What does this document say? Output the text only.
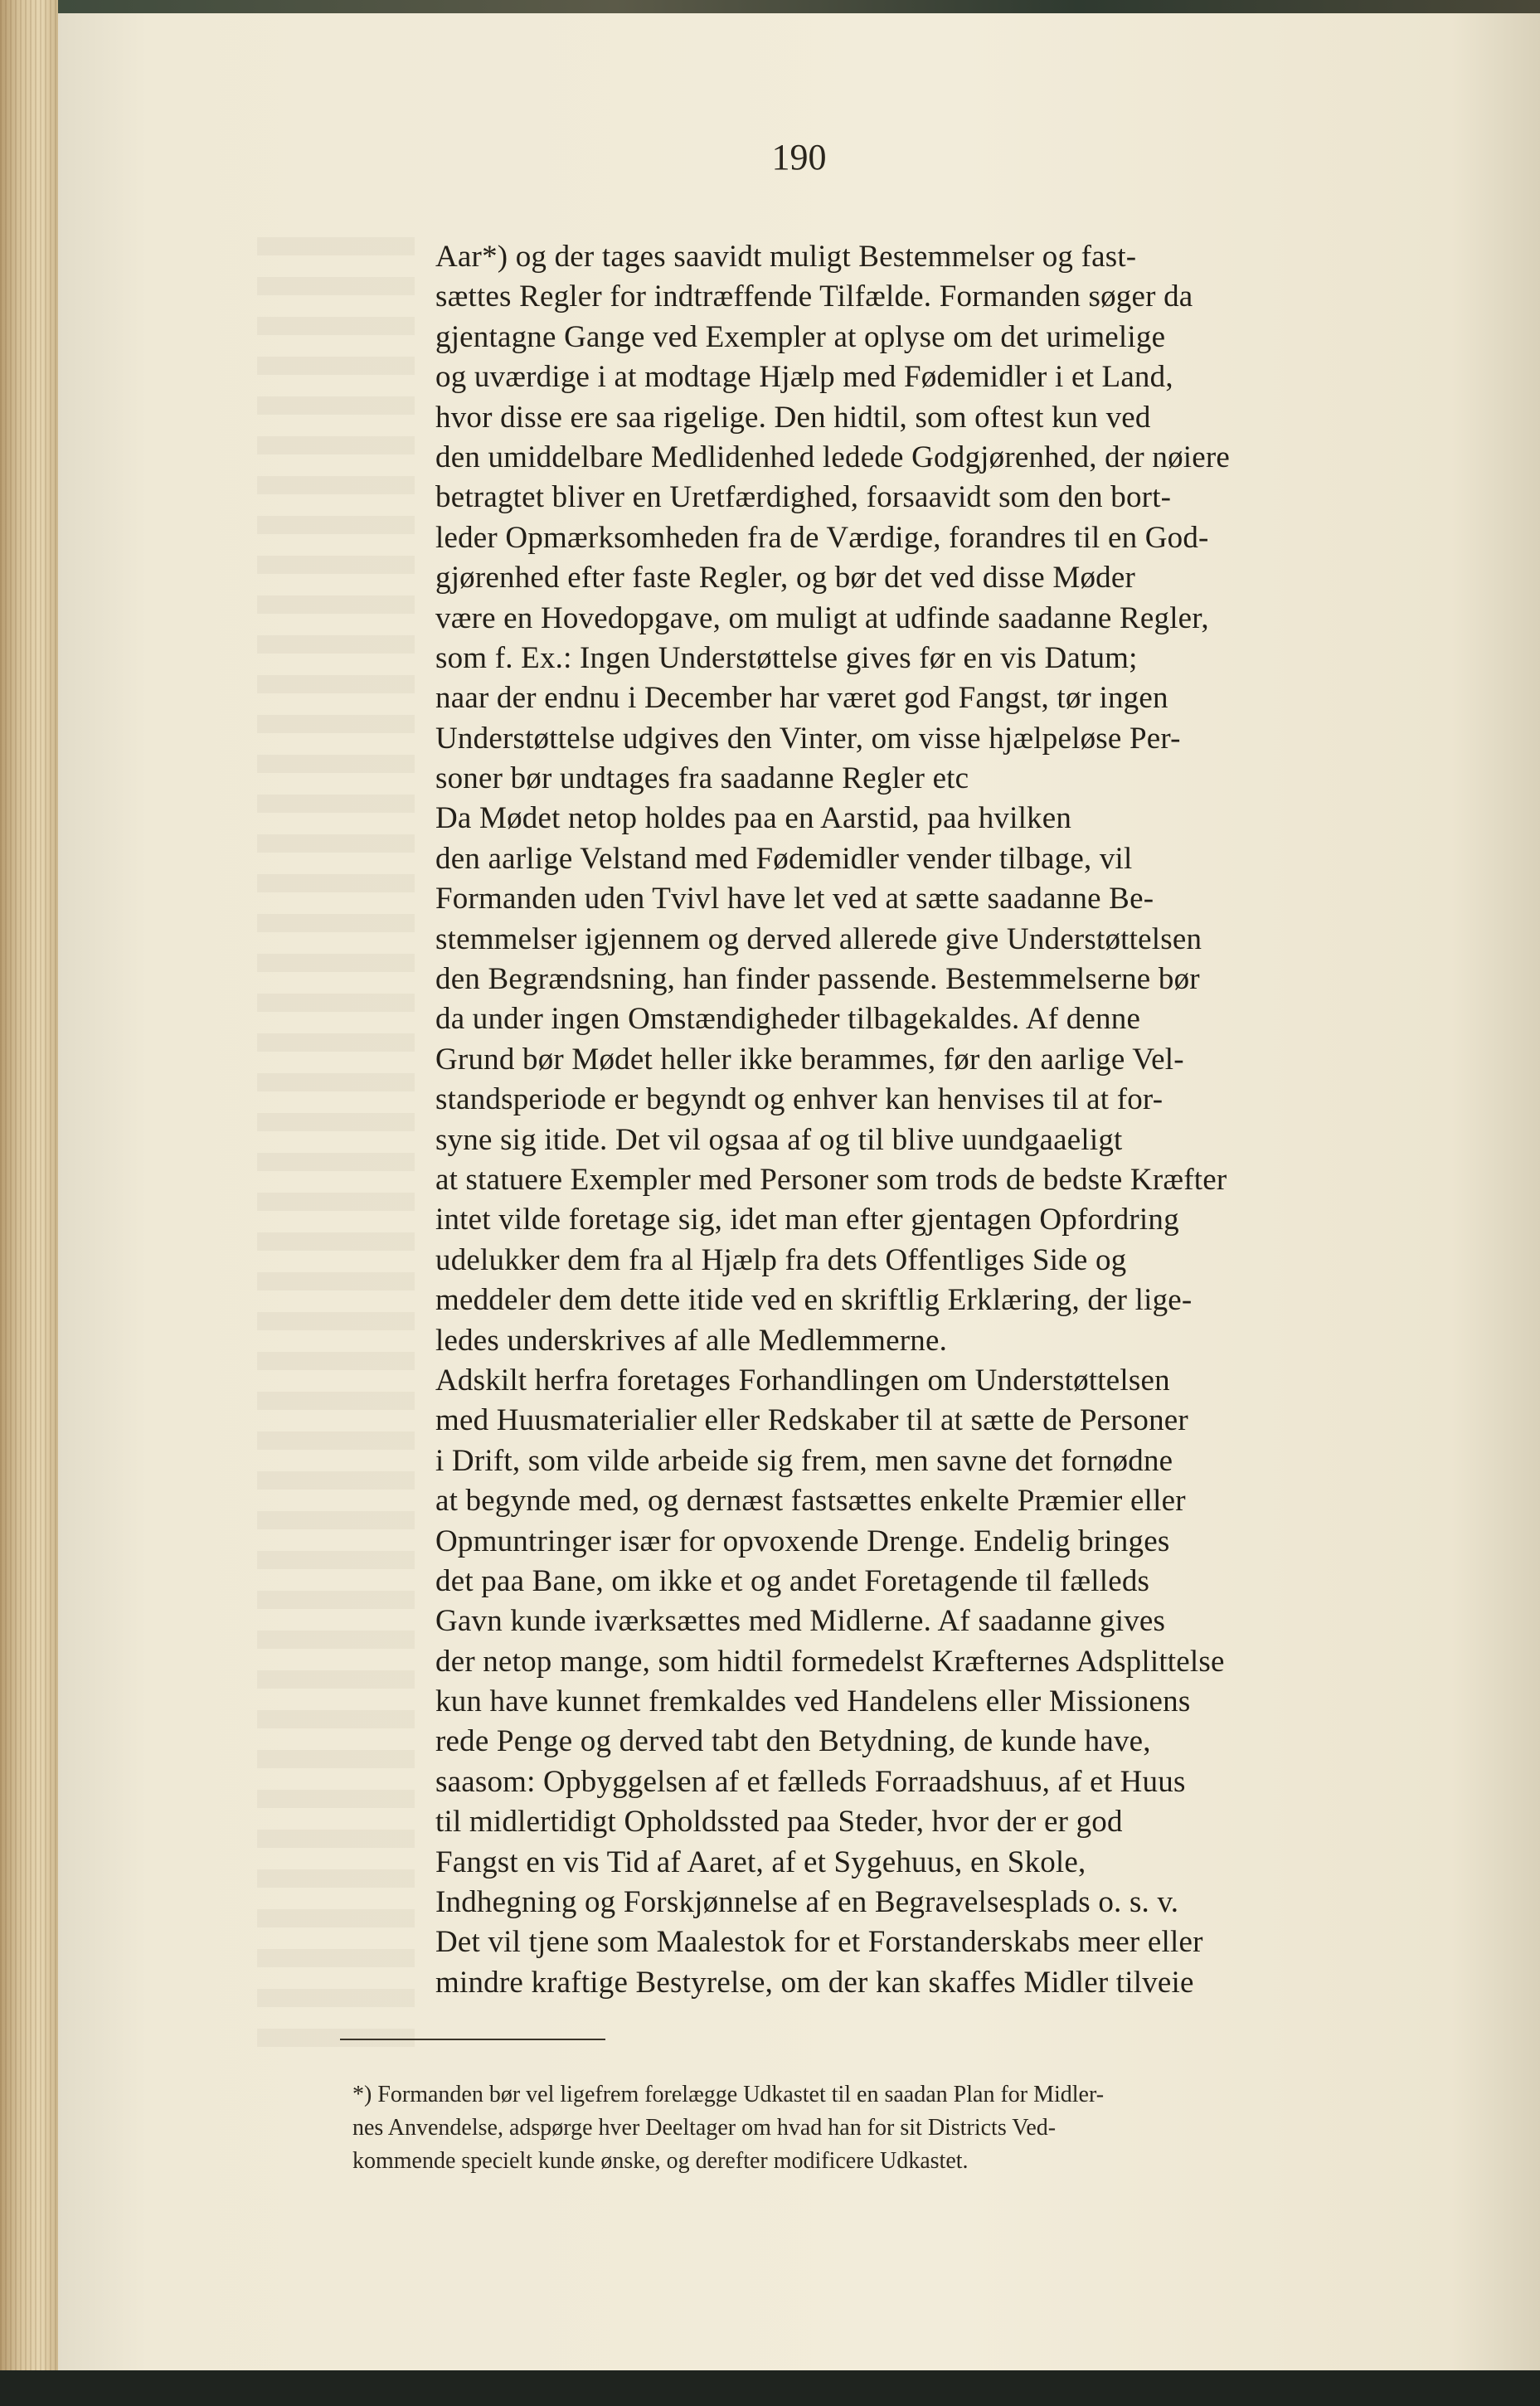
190
Aar*) og der tages saavidt muligt Bestemmelser og fast-
sættes Regler for indtræffende Tilfælde. Formanden søger da
gjentagne Gange ved Exempler at oplyse om det urimelige
og uværdige i at modtage Hjælp med Fødemidler i et Land,
hvor disse ere saa rigelige. Den hidtil, som oftest kun ved
den umiddelbare Medlidenhed ledede Godgjørenhed, der nøiere
betragtet bliver en Uretfærdighed, forsaavidt som den bort-
leder Opmærksomheden fra de Værdige, forandres til en God-
gjørenhed efter faste Regler, og bør det ved disse Møder
være en Hovedopgave, om muligt at udfinde saadanne Regler,
som f. Ex.: Ingen Understøttelse gives før en vis Datum;
naar der endnu i December har været god Fangst, tør ingen
Understøttelse udgives den Vinter, om visse hjælpeløse Per-
soner bør undtages fra saadanne Regler etc
Da Mødet netop holdes paa en Aarstid, paa hvilken
den aarlige Velstand med Fødemidler vender tilbage, vil
Formanden uden Tvivl have let ved at sætte saadanne Be-
stemmelser igjennem og derved allerede give Understøttelsen
den Begrændsning, han finder passende. Bestemmelserne bør
da under ingen Omstændigheder tilbagekaldes. Af denne
Grund bør Mødet heller ikke berammes, før den aarlige Vel-
standsperiode er begyndt og enhver kan henvises til at for-
syne sig itide. Det vil ogsaa af og til blive uundgaaeligt
at statuere Exempler med Personer som trods de bedste Kræfter
intet vilde foretage sig, idet man efter gjentagen Opfordring
udelukker dem fra al Hjælp fra dets Offentliges Side og
meddeler dem dette itide ved en skriftlig Erklæring, der lige-
ledes underskrives af alle Medlemmerne.
Adskilt herfra foretages Forhandlingen om Understøttelsen
med Huusmaterialier eller Redskaber til at sætte de Personer
i Drift, som vilde arbeide sig frem, men savne det fornødne
at begynde med, og dernæst fastsættes enkelte Præmier eller
Opmuntringer især for opvoxende Drenge. Endelig bringes
det paa Bane, om ikke et og andet Foretagende til fælleds
Gavn kunde iværksættes med Midlerne. Af saadanne gives
der netop mange, som hidtil formedelst Kræfternes Adsplittelse
kun have kunnet fremkaldes ved Handelens eller Missionens
rede Penge og derved tabt den Betydning, de kunde have,
saasom: Opbyggelsen af et fælleds Forraadshuus, af et Huus
til midlertidigt Opholdssted paa Steder, hvor der er god
Fangst en vis Tid af Aaret, af et Sygehuus, en Skole,
Indhegning og Forskjønnelse af en Begravelsesplads o. s. v.
Det vil tjene som Maalestok for et Forstanderskabs meer eller
mindre kraftige Bestyrelse, om der kan skaffes Midler tilveie
*) Formanden bør vel ligefrem forelægge Udkastet til en saadan Plan for Midler-
nes Anvendelse, adspørge hver Deeltager om hvad han for sit Districts Ved-
kommende specielt kunde ønske, og derefter modificere Udkastet.
